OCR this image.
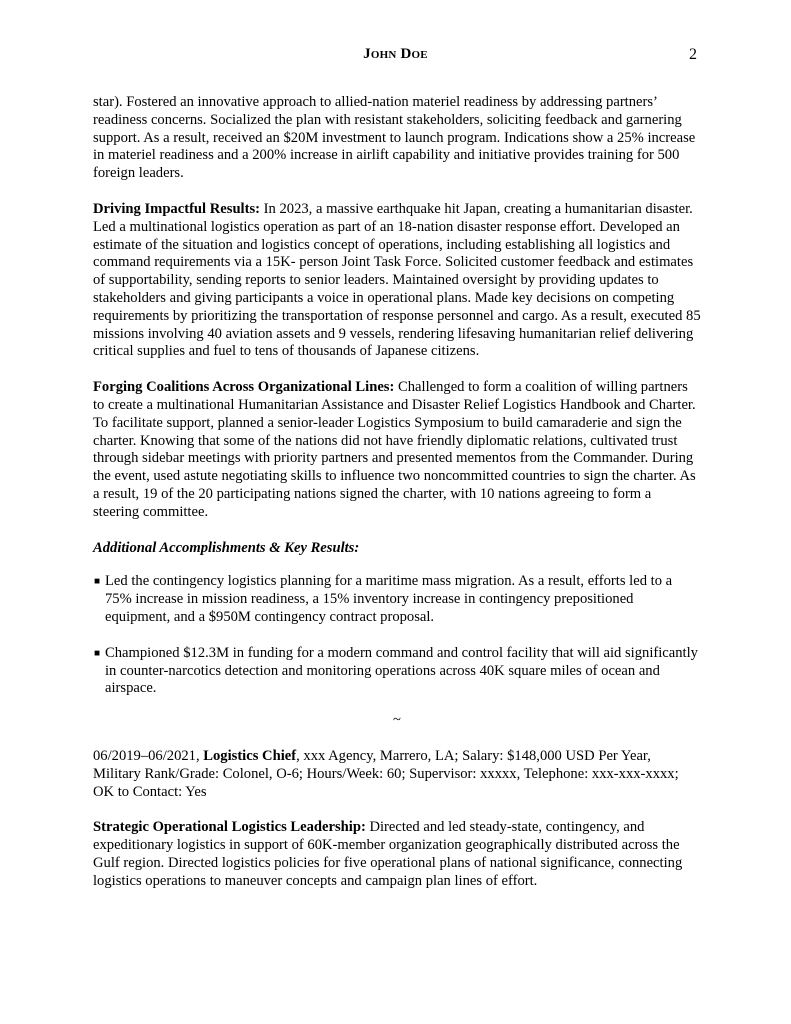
John Doe	2

star). Fostered an innovative approach to allied-nation materiel readiness by addressing partners’ readiness concerns. Socialized the plan with resistant stakeholders, soliciting feedback and garnering support. As a result, received an $20M investment to launch program. Indications show a 25% increase in materiel readiness and a 200% increase in airlift capability and initiative provides training for 500 foreign leaders.

Driving Impactful Results: In 2023, a massive earthquake hit Japan, creating a humanitarian disaster. Led a multinational logistics operation as part of an 18-nation disaster response effort. Developed an estimate of the situation and logistics concept of operations, including establishing all logistics and command requirements via a 15K- person Joint Task Force. Solicited customer feedback and estimates of supportability, sending reports to senior leaders. Maintained oversight by providing updates to stakeholders and giving participants a voice in operational plans. Made key decisions on competing requirements by prioritizing the transportation of response personnel and cargo. As a result, executed 85 missions involving 40 aviation assets and 9 vessels, rendering lifesaving humanitarian relief delivering critical supplies and fuel to tens of thousands of Japanese citizens.

Forging Coalitions Across Organizational Lines: Challenged to form a coalition of willing partners to create a multinational Humanitarian Assistance and Disaster Relief Logistics Handbook and Charter. To facilitate support, planned a senior-leader Logistics Symposium to build camaraderie and sign the charter. Knowing that some of the nations did not have friendly diplomatic relations, cultivated trust through sidebar meetings with priority partners and presented mementos from the Commander. During the event, used astute negotiating skills to influence two noncommitted countries to sign the charter. As a result, 19 of the 20 participating nations signed the charter, with 10 nations agreeing to form a steering committee.

Additional Accomplishments & Key Results:
■ Led the contingency logistics planning for a maritime mass migration. As a result, efforts led to a 75% increase in mission readiness, a 15% inventory increase in contingency prepositioned equipment, and a $950M contingency contract proposal.
■ Championed $12.3M in funding for a modern command and control facility that will aid significantly in counter-narcotics detection and monitoring operations across 40K square miles of ocean and airspace.
~

06/2019–06/2021, Logistics Chief, xxx Agency, Marrero, LA; Salary: $148,000 USD Per Year, Military Rank/Grade: Colonel, O-6; Hours/Week: 60; Supervisor: xxxxx, Telephone: xxx-xxx-xxxx; OK to Contact: Yes

Strategic Operational Logistics Leadership: Directed and led steady-state, contingency, and expeditionary logistics in support of 60K-member organization geographically distributed across the Gulf region. Directed logistics policies for five operational plans of national significance, connecting logistics operations to maneuver concepts and campaign plan lines of effort.
